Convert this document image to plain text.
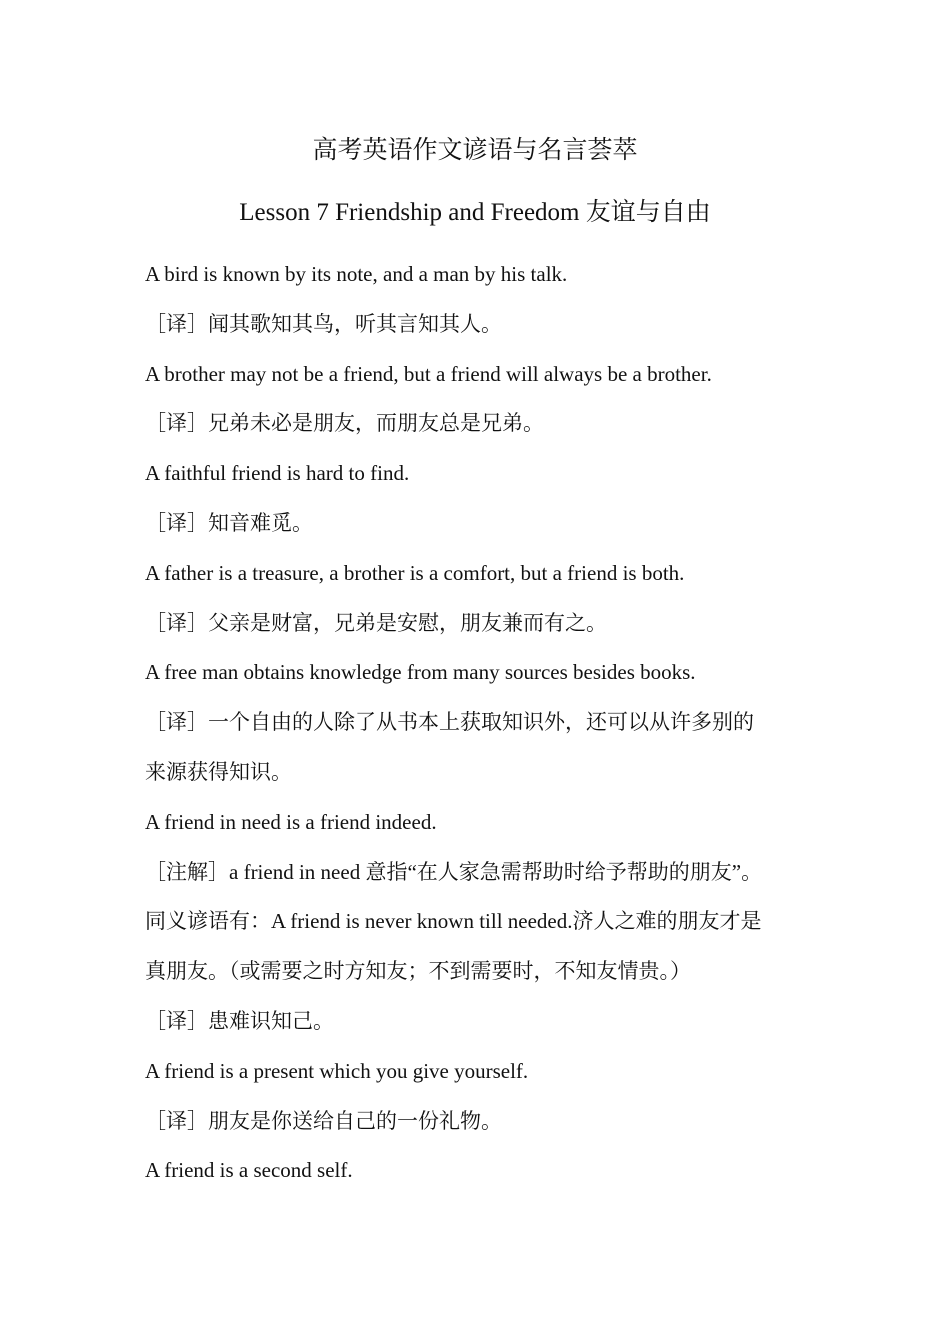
高考英语作文谚语与名言荟萃
Lesson 7 Friendship and Freedom 友谊与自由
A bird is known by its note, and a man by his talk.
［译］闻其歌知其鸟，听其言知其人。
A brother may not be a friend, but a friend will always be a brother.
［译］兄弟未必是朋友，而朋友总是兄弟。
A faithful friend is hard to find.
［译］知音难觅。
A father is a treasure, a brother is a comfort, but a friend is both.
［译］父亲是财富，兄弟是安慰，朋友兼而有之。
A free man obtains knowledge from many sources besides books.
［译］一个自由的人除了从书本上获取知识外，还可以从许多别的
来源获得知识。
A friend in need is a friend indeed.
［注解］a friend in need 意指“在人家急需帮助时给予帮助的朋友”。
同义谚语有：A friend is never known till needed.济人之难的朋友才是
真朋友。（或需要之时方知友；不到需要时，不知友情贵。）
［译］患难识知己。
A friend is a present which you give yourself.
［译］朋友是你送给自己的一份礼物。
A friend is a second self.
